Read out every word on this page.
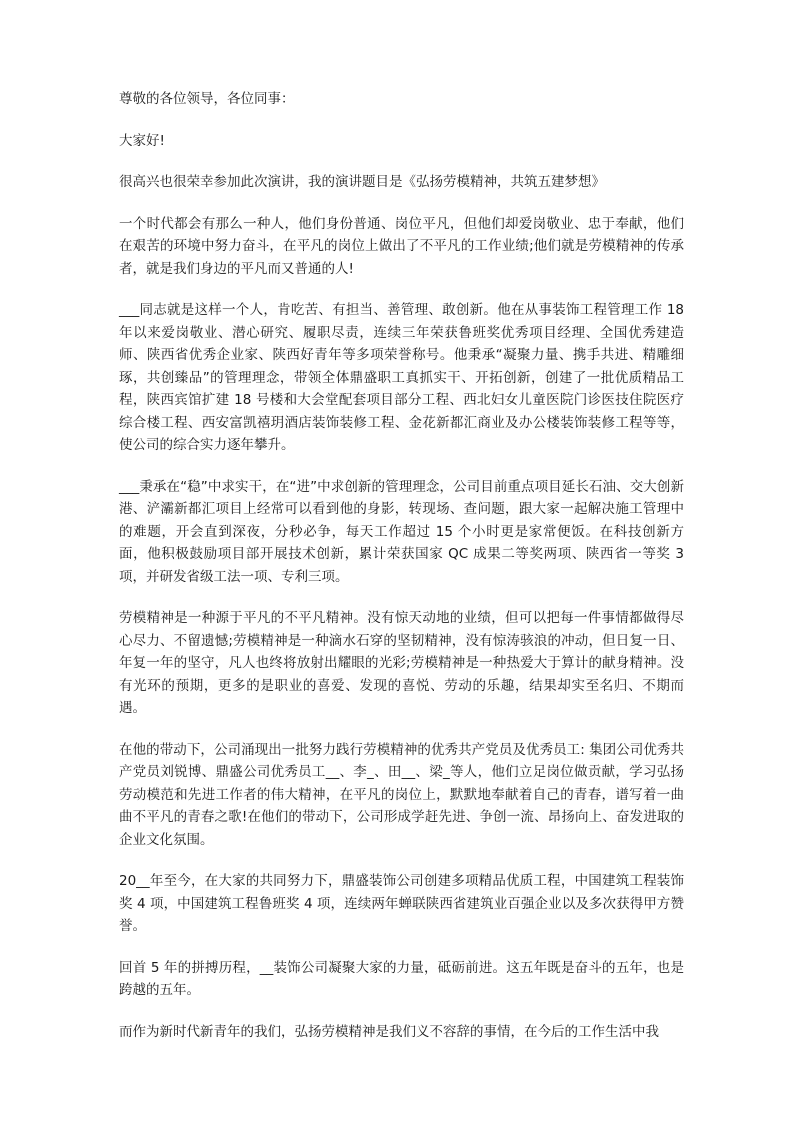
尊敬的各位领导，各位同事：

大家好!

很高兴也很荣幸参加此次演讲，我的演讲题目是《弘扬劳模精神，共筑五建梦想》

一个时代都会有那么一种人，他们身份普通、岗位平凡，但他们却爱岗敬业、忠于奉献，他们在艰苦的环境中努力奋斗，在平凡的岗位上做出了不平凡的工作业绩;他们就是劳模精神的传承者，就是我们身边的平凡而又普通的人!

___同志就是这样一个人，肯吃苦、有担当、善管理、敢创新。他在从事装饰工程管理工作 18 年以来爱岗敬业、潜心研究、履职尽责，连续三年荣获鲁班奖优秀项目经理、全国优秀建造师、陕西省优秀企业家、陕西好青年等多项荣誉称号。他秉承“凝聚力量、携手共进、精雕细琢，共创臻品”的管理理念，带领全体鼎盛职工真抓实干、开拓创新，创建了一批优质精品工程，陕西宾馆扩建 18 号楼和大会堂配套项目部分工程、西北妇女儿童医院门诊医技住院医疗综合楼工程、西安富凯禧玥酒店装饰装修工程、金花新都汇商业及办公楼装饰装修工程等等，使公司的综合实力逐年攀升。

___秉承在“稳”中求实干，在“进”中求创新的管理理念，公司目前重点项目延长石油、交大创新港、浐灞新都汇项目上经常可以看到他的身影，转现场、查问题，跟大家一起解决施工管理中的难题，开会直到深夜，分秒必争，每天工作超过 15 个小时更是家常便饭。在科技创新方面，他积极鼓励项目部开展技术创新，累计荣获国家 QC 成果二等奖两项、陕西省一等奖 3 项，并研发省级工法一项、专利三项。

劳模精神是一种源于平凡的不平凡精神。没有惊天动地的业绩，但可以把每一件事情都做得尽心尽力、不留遗憾;劳模精神是一种滴水石穿的坚韧精神，没有惊涛骇浪的冲动，但日复一日、年复一年的坚守，凡人也终将放射出耀眼的光彩;劳模精神是一种热爱大于算计的献身精神。没有光环的预期，更多的是职业的喜爱、发现的喜悦、劳动的乐趣，结果却实至名归、不期而遇。

在他的带动下，公司涌现出一批努力践行劳模精神的优秀共产党员及优秀员工: 集团公司优秀共产党员刘锐博、鼎盛公司优秀员工__、李_、田__、梁_等人，他们立足岗位做贡献，学习弘扬劳动模范和先进工作者的伟大精神，在平凡的岗位上，默默地奉献着自己的青春，谱写着一曲曲不平凡的青春之歌!在他们的带动下，公司形成学赶先进、争创一流、昂扬向上、奋发进取的企业文化氛围。

20__年至今，在大家的共同努力下，鼎盛装饰公司创建多项精品优质工程，中国建筑工程装饰奖 4 项，中国建筑工程鲁班奖 4 项，连续两年蝉联陕西省建筑业百强企业以及多次获得甲方赞誉。

回首 5 年的拼搏历程，__装饰公司凝聚大家的力量，砥砺前进。这五年既是奋斗的五年，也是跨越的五年。

而作为新时代新青年的我们，弘扬劳模精神是我们义不容辞的事情，在今后的工作生活中我
